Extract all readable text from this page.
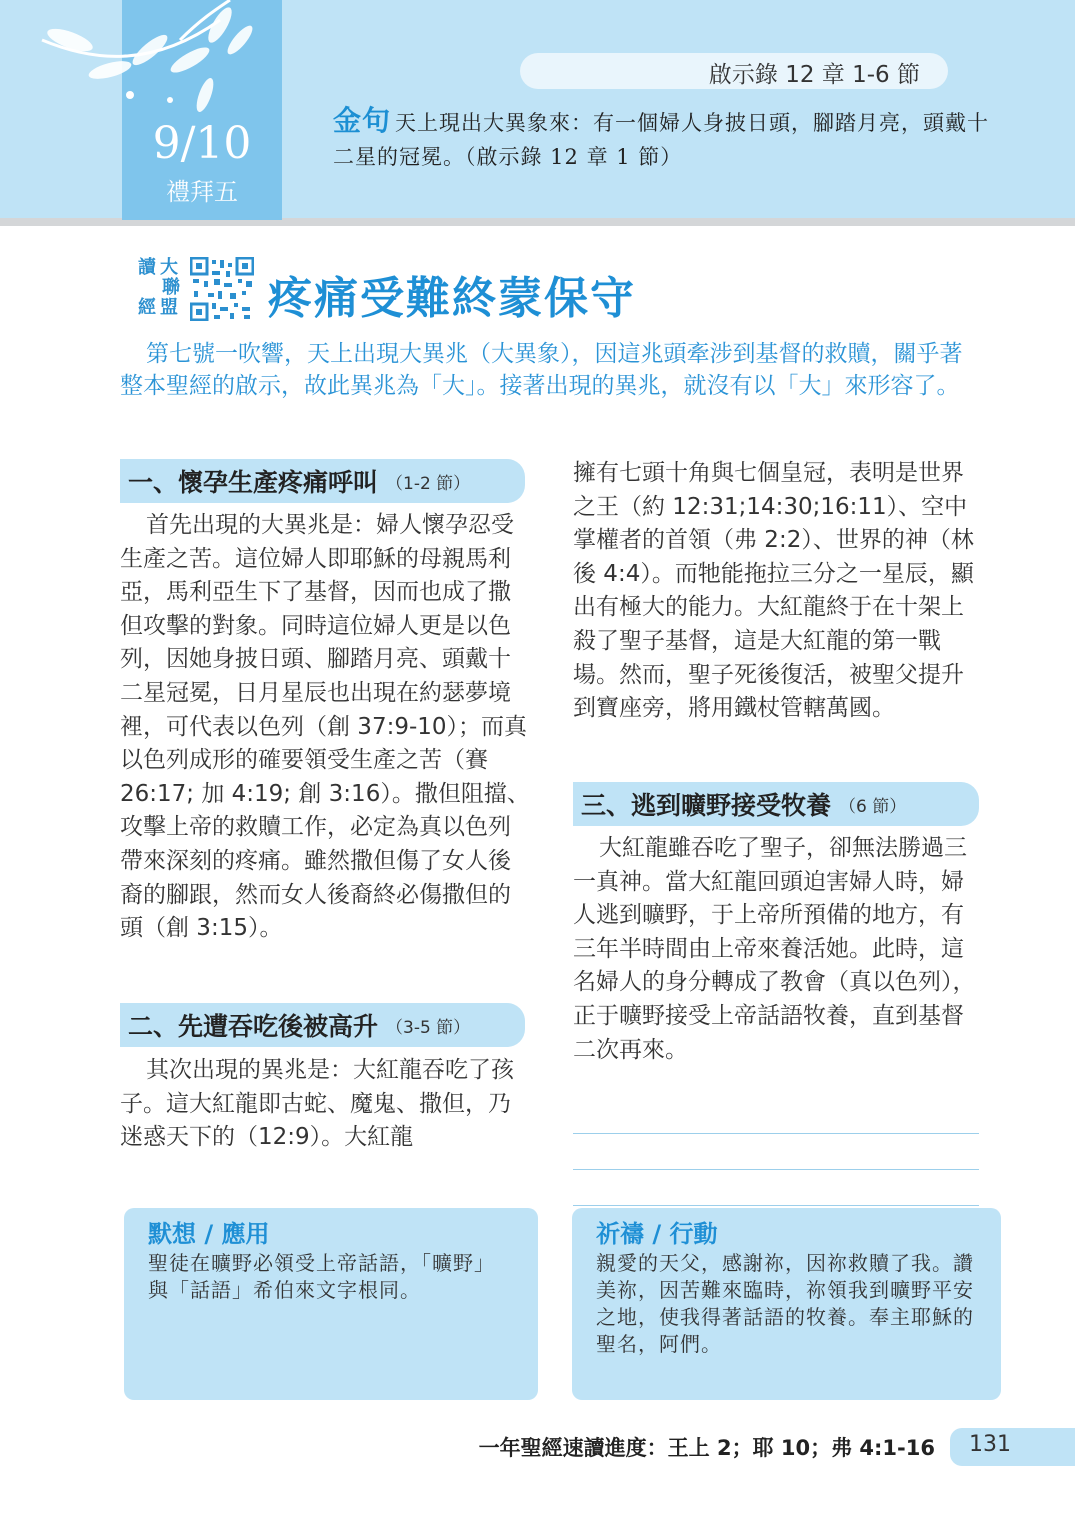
9/10
禮拜五
啟示錄 12 章 1-6 節
金句 天上現出大異象來：有一個婦人身披日頭，腳踏月亮，頭戴十二星的冠冕。（啟示錄 12 章 1 節）
讀大
聯
經盟 疼痛受難終蒙保守
第七號一吹響，天上出現大異兆（大異象），因這兆頭牽涉到基督的救贖，關乎著整本聖經的啟示，故此異兆為「大」。接著出現的異兆，就沒有以「大」來形容了。
一、懷孕生產疼痛呼叫 （1-2 節）
首先出現的大異兆是：婦人懷孕忍受生產之苦。這位婦人即耶穌的母親馬利亞，馬利亞生下了基督，因而也成了撒但攻擊的對象。同時這位婦人更是以色列，因她身披日頭、腳踏月亮、頭戴十二星冠冕，日月星辰也出現在約瑟夢境裡，可代表以色列（創 37:9-10）；而真以色列成形的確要領受生產之苦（賽 26:17; 加 4:19; 創 3:16）。撒但阻擋、攻擊上帝的救贖工作，必定為真以色列帶來深刻的疼痛。雖然撒但傷了女人後裔的腳跟，然而女人後裔終必傷撒但的頭（創 3:15）。
二、先遭吞吃後被高升 （3-5 節）
其次出現的異兆是：大紅龍吞吃了孩子。這大紅龍即古蛇、魔鬼、撒但，乃迷惑天下的（12:9）。大紅龍
擁有七頭十角與七個皇冠，表明是世界之王（約 12:31;14:30;16:11）、空中掌權者的首領（弗 2:2）、世界的神（林後 4:4）。而牠能拖拉三分之一星辰，顯出有極大的能力。大紅龍終于在十架上殺了聖子基督，這是大紅龍的第一戰場。然而，聖子死後復活，被聖父提升到寶座旁，將用鐵杖管轄萬國。
三、逃到曠野接受牧養 （6 節）
大紅龍雖吞吃了聖子，卻無法勝過三一真神。當大紅龍回頭迫害婦人時，婦人逃到曠野，于上帝所預備的地方，有三年半時間由上帝來養活她。此時，這名婦人的身分轉成了教會（真以色列），正于曠野接受上帝話語牧養，直到基督二次再來。
默想 / 應用
聖徒在曠野必領受上帝話語，「曠野」與「話語」希伯來文字根同。
祈禱 / 行動
親愛的天父，感謝祢，因祢救贖了我。讚美祢，因苦難來臨時，祢領我到曠野平安之地，使我得著話語的牧養。奉主耶穌的聖名，阿們。
一年聖經速讀進度：王上 2；耶 10；弗 4:1-16	131
